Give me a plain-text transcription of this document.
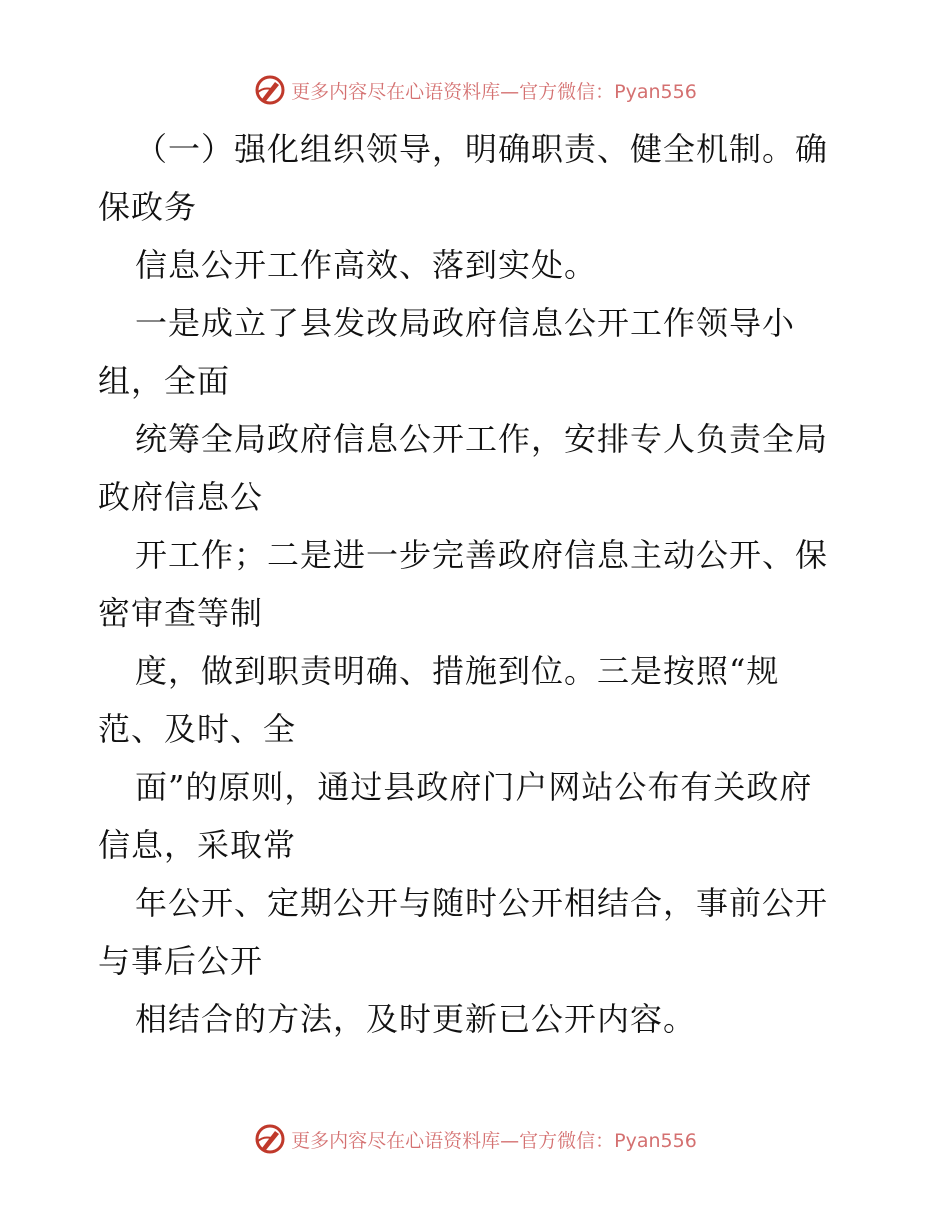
更多内容尽在心语资料库—官方微信：Pyan556

（一）强化组织领导，明确职责、健全机制。确

保政务

信息公开工作高效、落到实处。

一是成立了县发改局政府信息公开工作领导小

组，全面

统筹全局政府信息公开工作，安排专人负责全局

政府信息公

开工作；二是进一步完善政府信息主动公开、保

密审查等制

度，做到职责明确、措施到位。三是按照“规

范、及时、全

面”的原则，通过县政府门户网站公布有关政府

信息，采取常

年公开、定期公开与随时公开相结合，事前公开

与事后公开

相结合的方法，及时更新已公开内容。

更多内容尽在心语资料库—官方微信：Pyan556
